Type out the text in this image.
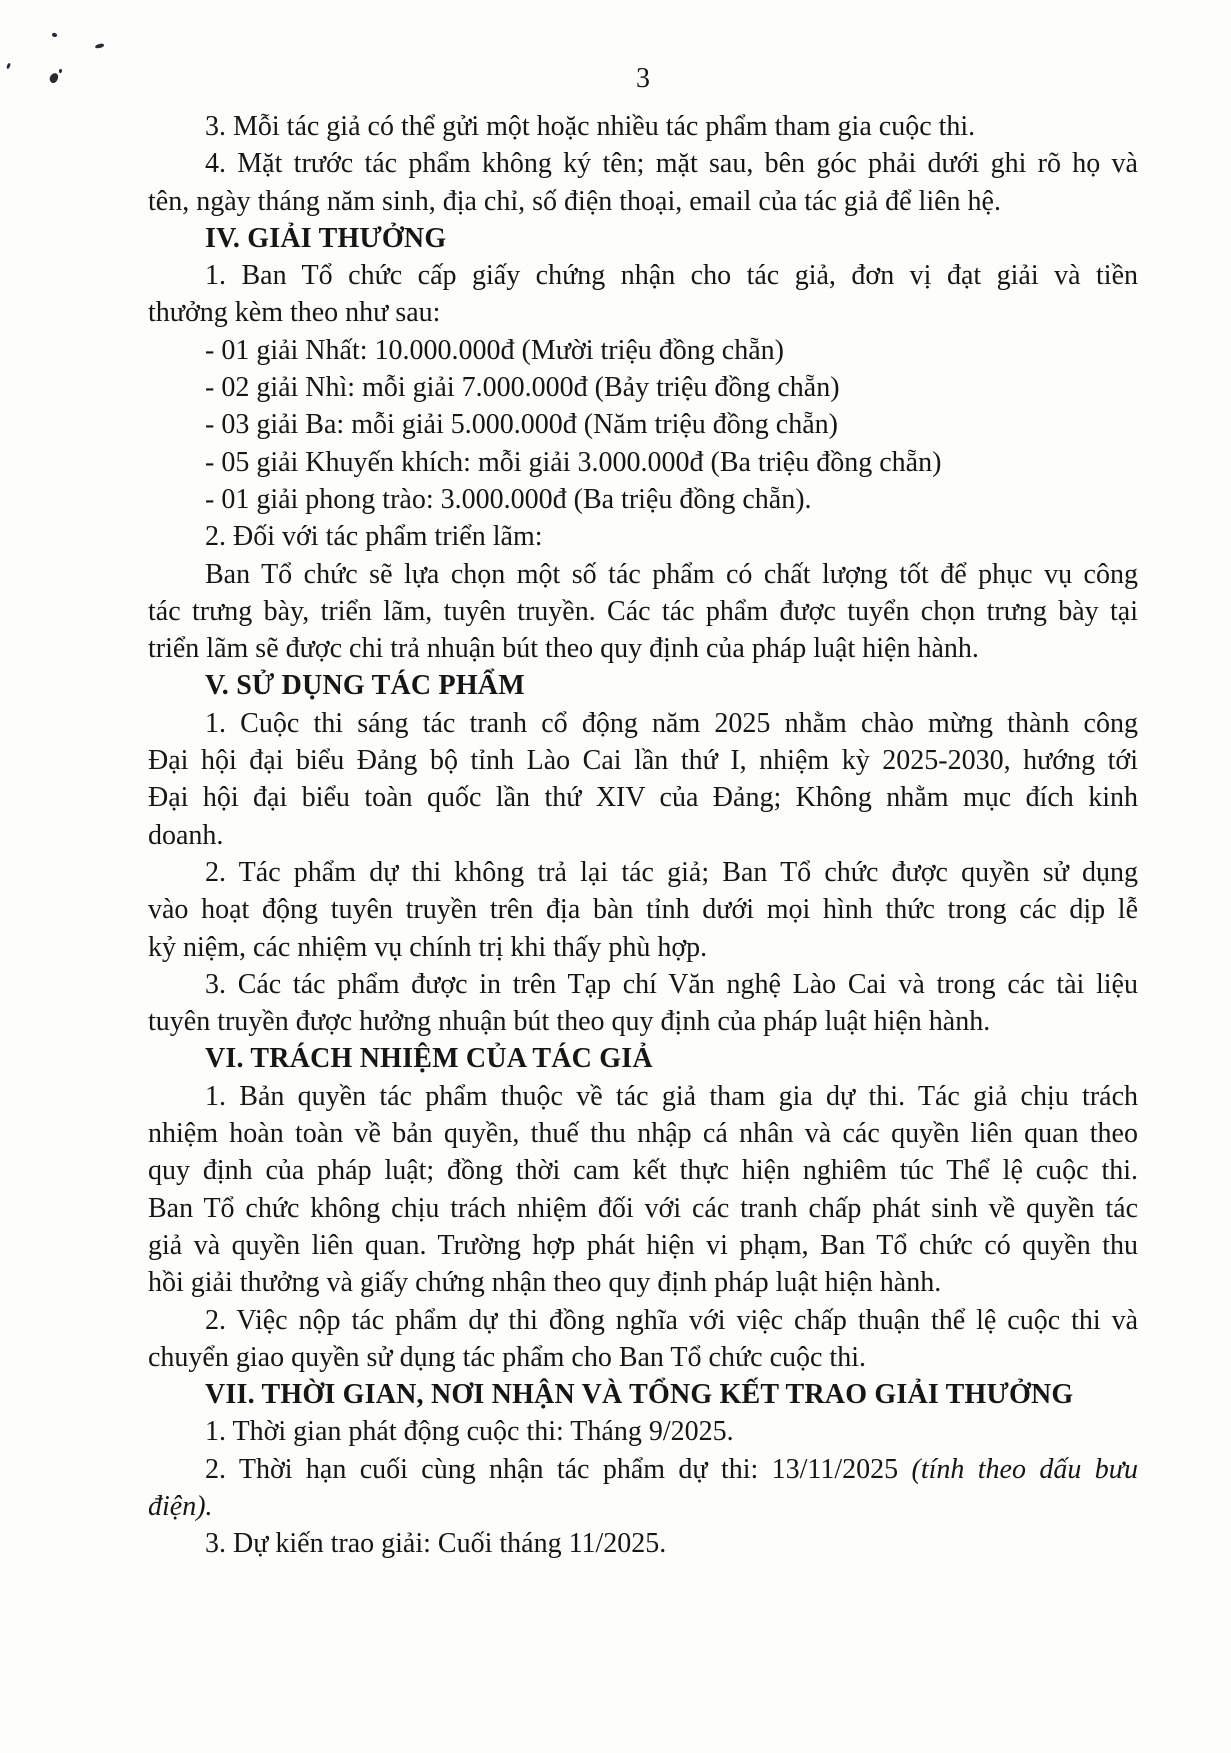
3
3. Mỗi tác giả có thể gửi một hoặc nhiều tác phẩm tham gia cuộc thi.
4. Mặt trước tác phẩm không ký tên; mặt sau, bên góc phải dưới ghi rõ họ và
tên, ngày tháng năm sinh, địa chỉ, số điện thoại, email của tác giả để liên hệ.
IV. GIẢI THƯỞNG
1. Ban Tổ chức cấp giấy chứng nhận cho tác giả, đơn vị đạt giải và tiền
thưởng kèm theo như sau:
- 01 giải Nhất: 10.000.000đ (Mười triệu đồng chẵn)
- 02 giải Nhì: mỗi giải 7.000.000đ (Bảy triệu đồng chẵn)
- 03 giải Ba: mỗi giải 5.000.000đ (Năm triệu đồng chẵn)
- 05 giải Khuyến khích: mỗi giải 3.000.000đ (Ba triệu đồng chẵn)
- 01 giải phong trào: 3.000.000đ (Ba triệu đồng chẵn).
2. Đối với tác phẩm triển lãm:
Ban Tổ chức sẽ lựa chọn một số tác phẩm có chất lượng tốt để phục vụ công
tác trưng bày, triển lãm, tuyên truyền. Các tác phẩm được tuyển chọn trưng bày tại
triển lãm sẽ được chi trả nhuận bút theo quy định của pháp luật hiện hành.
V. SỬ DỤNG TÁC PHẨM
1. Cuộc thi sáng tác tranh cổ động năm 2025 nhằm chào mừng thành công
Đại hội đại biểu Đảng bộ tỉnh Lào Cai lần thứ I, nhiệm kỳ 2025-2030, hướng tới
Đại hội đại biểu toàn quốc lần thứ XIV của Đảng; Không nhằm mục đích kinh
doanh.
2. Tác phẩm dự thi không trả lại tác giả; Ban Tổ chức được quyền sử dụng
vào hoạt động tuyên truyền trên địa bàn tỉnh dưới mọi hình thức trong các dịp lễ
kỷ niệm, các nhiệm vụ chính trị khi thấy phù hợp.
3. Các tác phẩm được in trên Tạp chí Văn nghệ Lào Cai và trong các tài liệu
tuyên truyền được hưởng nhuận bút theo quy định của pháp luật hiện hành.
VI. TRÁCH NHIỆM CỦA TÁC GIẢ
1. Bản quyền tác phẩm thuộc về tác giả tham gia dự thi. Tác giả chịu trách
nhiệm hoàn toàn về bản quyền, thuế thu nhập cá nhân và các quyền liên quan theo
quy định của pháp luật; đồng thời cam kết thực hiện nghiêm túc Thể lệ cuộc thi.
Ban Tổ chức không chịu trách nhiệm đối với các tranh chấp phát sinh về quyền tác
giả và quyền liên quan. Trường hợp phát hiện vi phạm, Ban Tổ chức có quyền thu
hồi giải thưởng và giấy chứng nhận theo quy định pháp luật hiện hành.
2. Việc nộp tác phẩm dự thi đồng nghĩa với việc chấp thuận thể lệ cuộc thi và
chuyển giao quyền sử dụng tác phẩm cho Ban Tổ chức cuộc thi.
VII. THỜI GIAN, NƠI NHẬN VÀ TỔNG KẾT TRAO GIẢI THƯỞNG
1. Thời gian phát động cuộc thi: Tháng 9/2025.
2. Thời hạn cuối cùng nhận tác phẩm dự thi: 13/11/2025 (tính theo dấu bưu
điện).
3. Dự kiến trao giải: Cuối tháng 11/2025.
